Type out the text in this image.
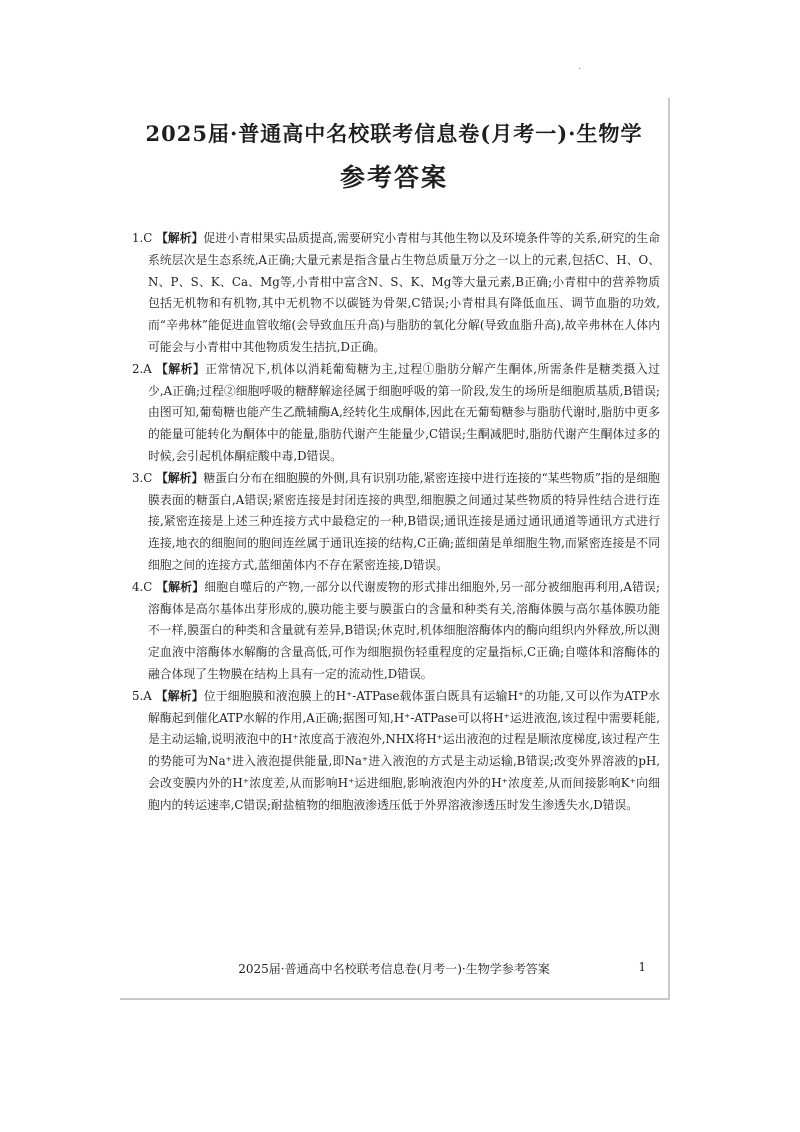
·
2025届·普通高中名校联考信息卷(月考一)·生物学
参考答案

1.C 【解析】促进小青柑果实品质提高,需要研究小青柑与其他生物以及环境条件等的关系,研究的生命系统层次是生态系统,A正确;大量元素是指含量占生物总质量万分之一以上的元素,包括C、H、O、N、P、S、K、Ca、Mg等,小青柑中富含N、S、K、Mg等大量元素,B正确;小青柑中的营养物质包括无机物和有机物,其中无机物不以碳链为骨架,C错误;小青柑具有降低血压、调节血脂的功效,而“辛弗林”能促进血管收缩(会导致血压升高)与脂肪的氧化分解(导致血脂升高),故辛弗林在人体内可能会与小青柑中其他物质发生拮抗,D正确。

2.A 【解析】正常情况下,机体以消耗葡萄糖为主,过程①脂肪分解产生酮体,所需条件是糖类摄入过少,A正确;过程②细胞呼吸的糖酵解途径属于细胞呼吸的第一阶段,发生的场所是细胞质基质,B错误;由图可知,葡萄糖也能产生乙酰辅酶A,经转化生成酮体,因此在无葡萄糖参与脂肪代谢时,脂肪中更多的能量可能转化为酮体中的能量,脂肪代谢产生能量少,C错误;生酮减肥时,脂肪代谢产生酮体过多的时候,会引起机体酮症酸中毒,D错误。

3.C 【解析】糖蛋白分布在细胞膜的外侧,具有识别功能,紧密连接中进行连接的“某些物质”指的是细胞膜表面的糖蛋白,A错误;紧密连接是封闭连接的典型,细胞膜之间通过某些物质的特异性结合进行连接,紧密连接是上述三种连接方式中最稳定的一种,B错误;通讯连接是通过通讯通道等通讯方式进行连接,地衣的细胞间的胞间连丝属于通讯连接的结构,C正确;蓝细菌是单细胞生物,而紧密连接是不同细胞之间的连接方式,蓝细菌体内不存在紧密连接,D错误。

4.C 【解析】细胞自噬后的产物,一部分以代谢废物的形式排出细胞外,另一部分被细胞再利用,A错误;溶酶体是高尔基体出芽形成的,膜功能主要与膜蛋白的含量和种类有关,溶酶体膜与高尔基体膜功能不一样,膜蛋白的种类和含量就有差异,B错误;休克时,机体细胞溶酶体内的酶向组织内外释放,所以测定血液中溶酶体水解酶的含量高低,可作为细胞损伤轻重程度的定量指标,C正确;自噬体和溶酶体的融合体现了生物膜在结构上具有一定的流动性,D错误。

5.A 【解析】位于细胞膜和液泡膜上的H⁺-ATPase载体蛋白既具有运输H⁺的功能,又可以作为ATP水解酶起到催化ATP水解的作用,A正确;据图可知,H⁺-ATPase可以将H⁺运进液泡,该过程中需要耗能,是主动运输,说明液泡中的H⁺浓度高于液泡外,NHX将H⁺运出液泡的过程是顺浓度梯度,该过程产生的势能可为Na⁺进入液泡提供能量,即Na⁺进入液泡的方式是主动运输,B错误;改变外界溶液的pH,会改变膜内外的H⁺浓度差,从而影响H⁺运进细胞,影响液泡内外的H⁺浓度差,从而间接影响K⁺向细胞内的转运速率,C错误;耐盐植物的细胞液渗透压低于外界溶液渗透压时发生渗透失水,D错误。

2025届·普通高中名校联考信息卷(月考一)·生物学参考答案	1
